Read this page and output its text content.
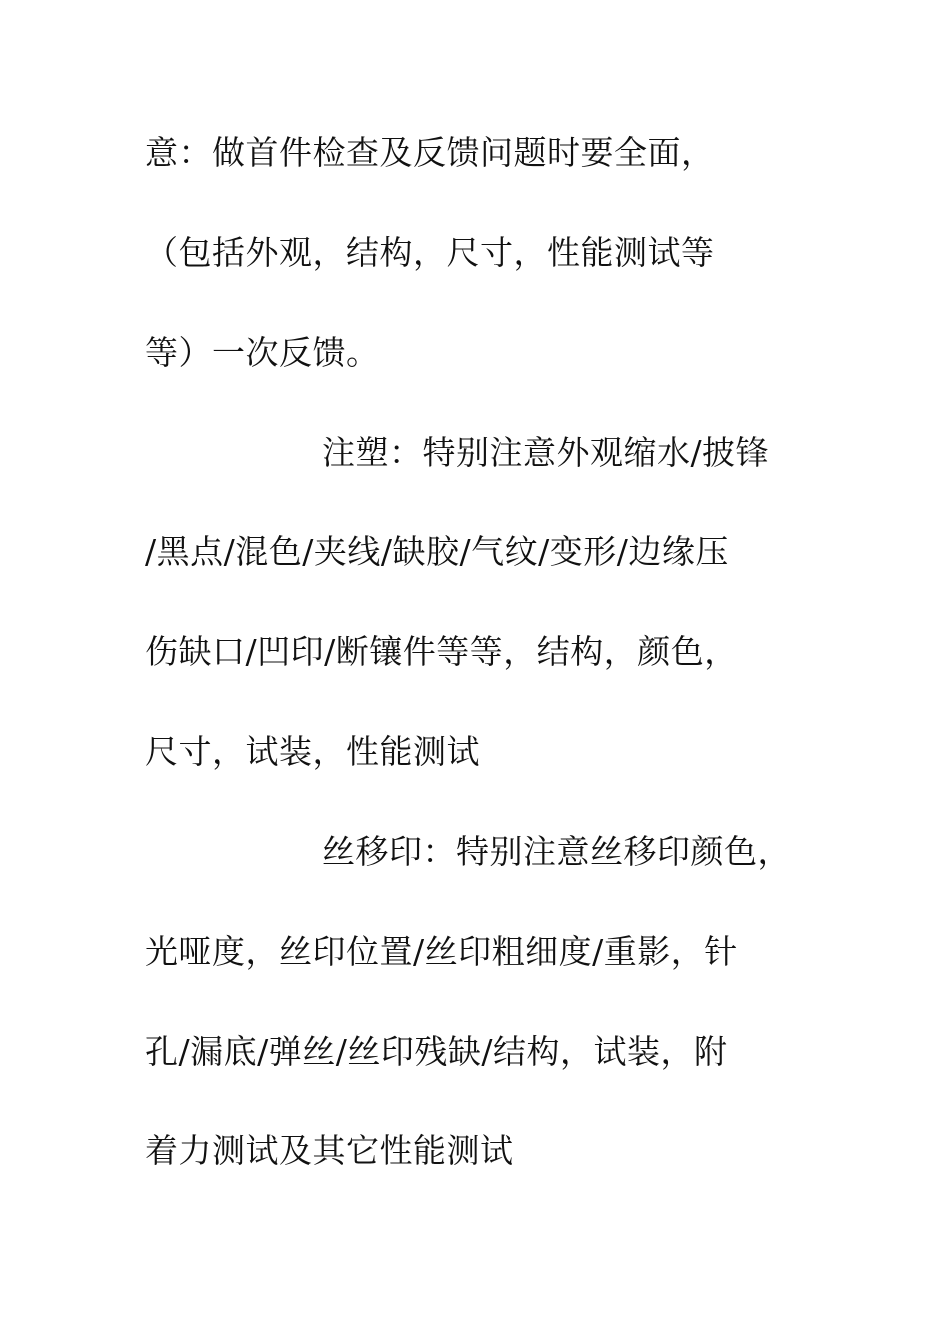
意：做首件检查及反馈问题时要全面，

（包括外观，结构，尺寸，性能测试等

等）一次反馈。

注塑：特别注意外观缩水/披锋

/黑点/混色/夹线/缺胶/气纹/变形/边缘压

伤缺口/凹印/断镶件等等，结构，颜色，

尺寸，试装，性能测试

丝移印：特别注意丝移印颜色，

光哑度，丝印位置/丝印粗细度/重影，针

孔/漏底/弹丝/丝印残缺/结构，试装，附

着力测试及其它性能测试
